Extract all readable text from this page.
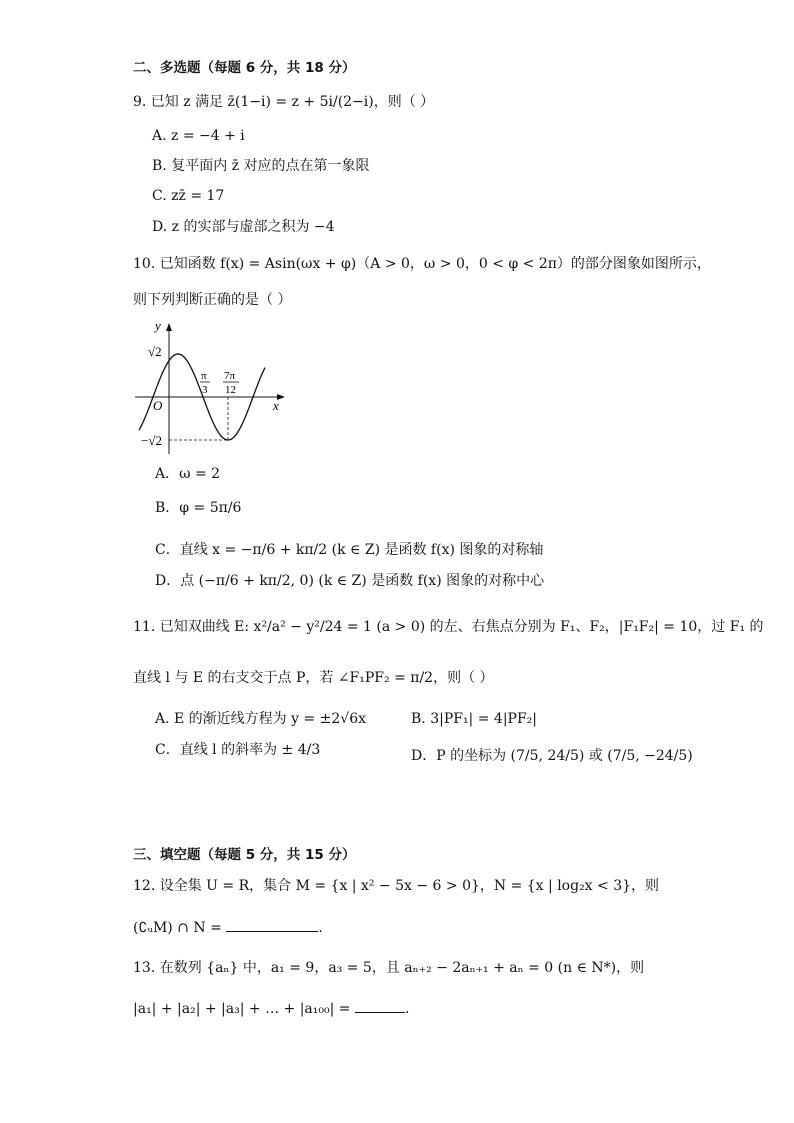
二、多选题（每题 6 分，共 18 分）
9. 已知 z 满足 z̄(1−i) = z + 5i/(2−i)，则（ ）
A. z = −4 + i
B. 复平面内 z̄ 对应的点在第一象限
C. zz̄ = 17
D. z 的实部与虚部之积为 −4
10. 已知函数 f(x) = Asin(ωx + φ)（A > 0，ω > 0，0 < φ < 2π）的部分图象如图所示，
则下列判断正确的是（ ）
y
x
O
√2
−√2
π
3
7π
12
A．ω = 2
B．φ = 5π/6
C．直线 x = −π/6 + kπ/2 (k ∈ Z) 是函数 f(x) 图象的对称轴
D．点 (−π/6 + kπ/2, 0) (k ∈ Z) 是函数 f(x) 图象的对称中心
11. 已知双曲线 E: x²/a² − y²/24 = 1 (a > 0) 的左、右焦点分别为 F₁、F₂，|F₁F₂| = 10，过 F₁ 的
直线 l 与 E 的右支交于点 P，若 ∠F₁PF₂ = π/2，则（ ）
A. E 的渐近线方程为 y = ±2√6x	B. 3|PF₁| = 4|PF₂|
C．直线 l 的斜率为 ± 4/3	D．P 的坐标为 (7/5, 24/5) 或 (7/5, −24/5)
三、填空题（每题 5 分，共 15 分）
12. 设全集 U = R，集合 M = {x | x² − 5x − 6 > 0}，N = {x | log₂x < 3}，则
(∁ᵤM) ∩ N =	.
13. 在数列 {aₙ} 中，a₁ = 9，a₃ = 5，且 aₙ₊₂ − 2aₙ₊₁ + aₙ = 0 (n ∈ N*)，则
|a₁| + |a₂| + |a₃| + … + |a₁₀₀| =	.
